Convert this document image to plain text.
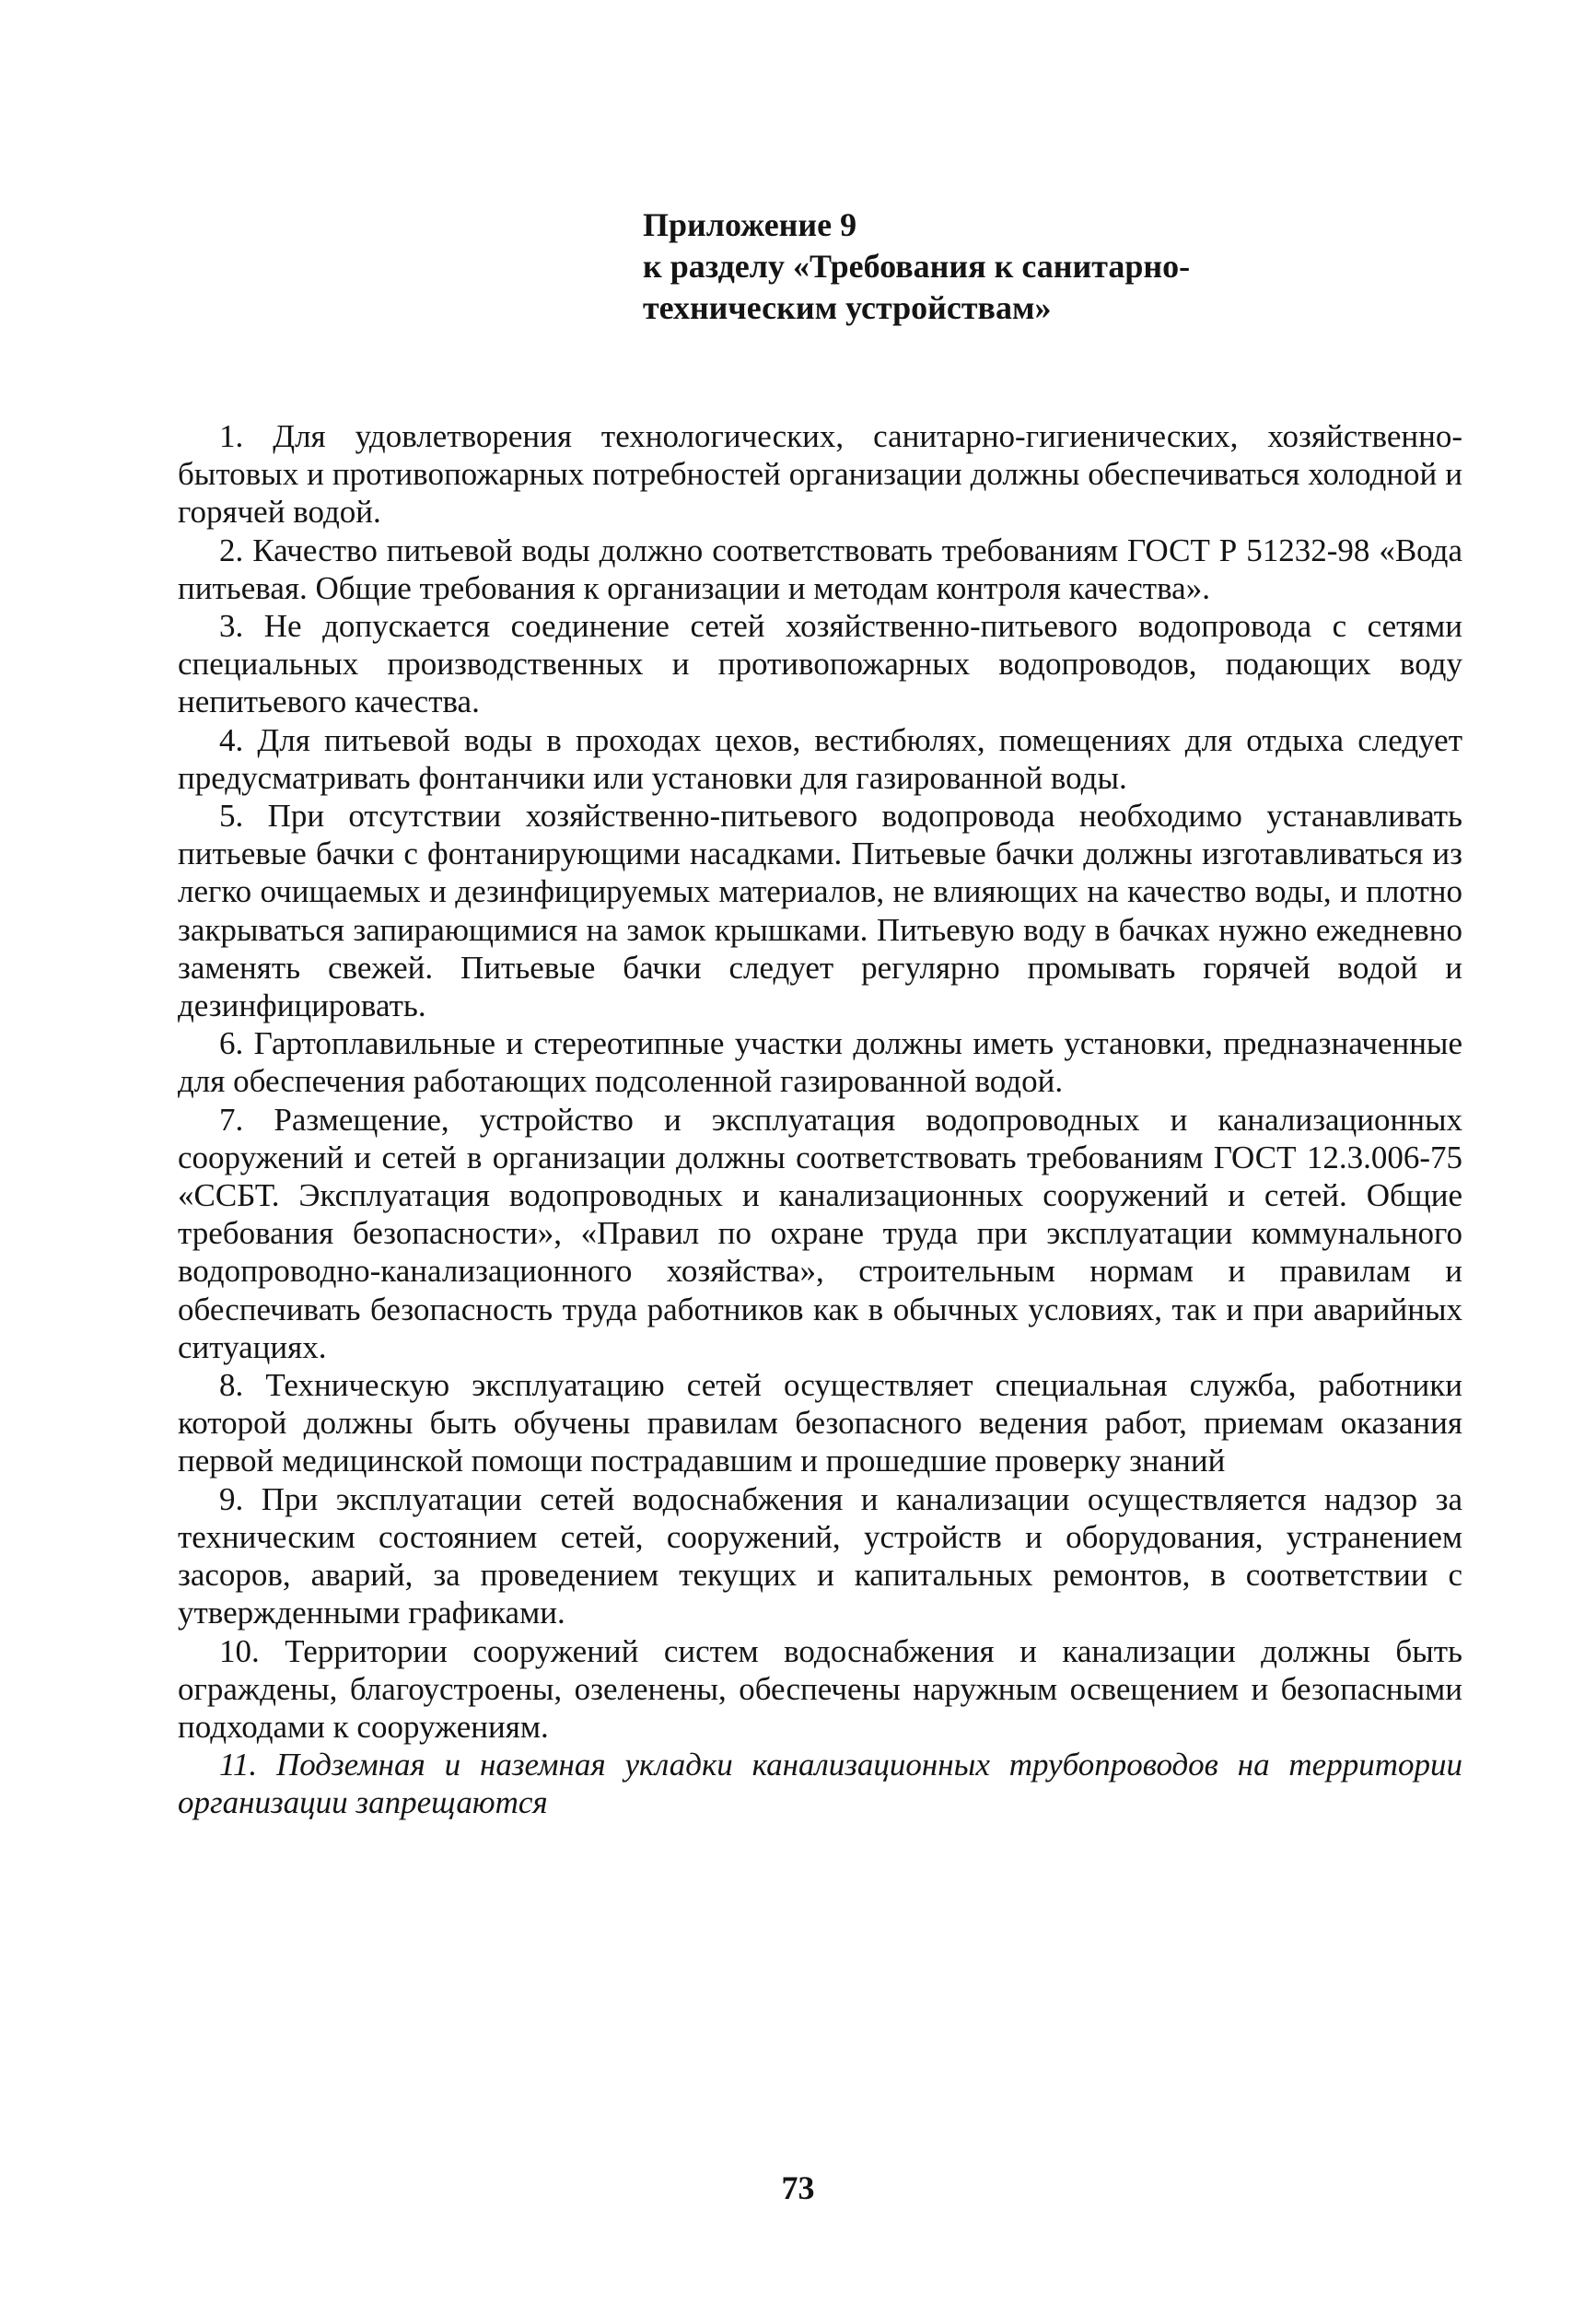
Приложение 9
к разделу «Требования к санитарно-
техническим устройствам»

1. Для удовлетворения технологических, санитарно-гигиенических, хозяйственно-бытовых и противопожарных потребностей организации должны обеспечиваться холодной и горячей водой.

2. Качество питьевой воды должно соответствовать требованиям ГОСТ Р 51232-98 «Вода питьевая. Общие требования к организации и методам контроля качества».

3. Не допускается соединение сетей хозяйственно-питьевого водопровода с сетями специальных производственных и противопожарных водопроводов, подающих воду непитьевого качества.

4. Для питьевой воды в проходах цехов, вестибюлях, помещениях для отдыха следует предусматривать фонтанчики или установки для газированной воды.

5. При отсутствии хозяйственно-питьевого водопровода необходимо устанавливать питьевые бачки с фонтанирующими насадками. Питьевые бачки должны изготавливаться из легко очищаемых и дезинфицируемых материалов, не влияющих на качество воды, и плотно закрываться запирающимися на замок крышками. Питьевую воду в бачках нужно ежедневно заменять свежей. Питьевые бачки следует регулярно промывать горячей водой и дезинфицировать.

6. Гартоплавильные и стереотипные участки должны иметь установки, предназначенные для обеспечения работающих подсоленной газированной водой.

7. Размещение, устройство и эксплуатация водопроводных и канализационных сооружений и сетей в организации должны соответствовать требованиям ГОСТ 12.3.006-75 «ССБТ. Эксплуатация водопроводных и канализационных сооружений и сетей. Общие требования безопасности», «Правил по охране труда при эксплуатации коммунального водопроводно-канализационного хозяйства», строительным нормам и правилам и обеспечивать безопасность труда работников как в обычных условиях, так и при аварийных ситуациях.

8. Техническую эксплуатацию сетей осуществляет специальная служба, работники которой должны быть обучены правилам безопасного ведения работ, приемам оказания первой медицинской помощи пострадавшим и прошедшие проверку знаний

9. При эксплуатации сетей водоснабжения и канализации осуществляется надзор за техническим состоянием сетей, сооружений, устройств и оборудования, устранением засоров, аварий, за проведением текущих и капитальных ремонтов, в соответствии с утвержденными графиками.

10. Территории сооружений систем водоснабжения и канализации должны быть ограждены, благоустроены, озеленены, обеспечены наружным освещением и безопасными подходами к сооружениям.

11. Подземная и наземная укладки канализационных трубопроводов на территории организации запрещаются

73
